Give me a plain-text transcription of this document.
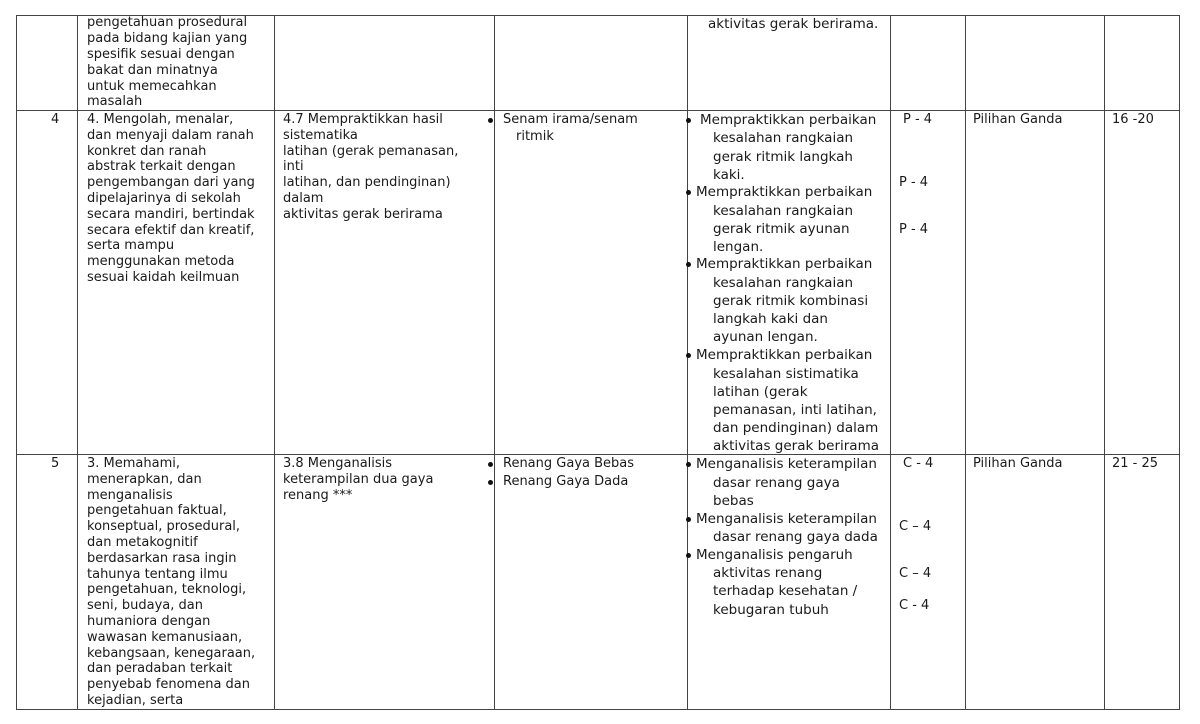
pengetahuan prosedural
pada bidang kajian yang
spesifik sesuai dengan
bakat dan minatnya
untuk memecahkan
masalah
aktivitas gerak berirama.
4 4. Mengolah, menalar,
dan menyaji dalam ranah
konkret dan ranah
abstrak terkait dengan
pengembangan dari yang
dipelajarinya di sekolah
secara mandiri, bertindak
secara efektif dan kreatif,
serta mampu
menggunakan metoda
sesuai kaidah keilmuan
4.7 Mempraktikkan hasil
sistematika
latihan (gerak pemanasan,
inti
latihan, dan pendinginan)
dalam
aktivitas gerak berirama
Senam irama/senam
ritmik
Mempraktikkan perbaikan
kesalahan rangkaian
gerak ritmik langkah
kaki.
Mempraktikkan perbaikan
kesalahan rangkaian
gerak ritmik ayunan
lengan.
Mempraktikkan perbaikan
kesalahan rangkaian
gerak ritmik kombinasi
langkah kaki dan
ayunan lengan.
Mempraktikkan perbaikan
kesalahan sistimatika
latihan (gerak
pemanasan, inti latihan,
dan pendinginan) dalam
aktivitas gerak berirama
P - 4
P - 4
P - 4
Pilihan Ganda	16 -20
5 3. Memahami,
menerapkan, dan
menganalisis
pengetahuan faktual,
konseptual, prosedural,
dan metakognitif
berdasarkan rasa ingin
tahunya tentang ilmu
pengetahuan, teknologi,
seni, budaya, dan
humaniora dengan
wawasan kemanusiaan,
kebangsaan, kenegaraan,
dan peradaban terkait
penyebab fenomena dan
kejadian, serta
3.8 Menganalisis
keterampilan dua gaya
renang ***
Renang Gaya Bebas
Renang Gaya Dada
Menganalisis keterampilan
dasar renang gaya
bebas
Menganalisis keterampilan
dasar renang gaya dada
Menganalisis pengaruh
aktivitas renang
terhadap kesehatan /
kebugaran tubuh
C - 4
C – 4
C – 4
C - 4
Pilihan Ganda	21 - 25
